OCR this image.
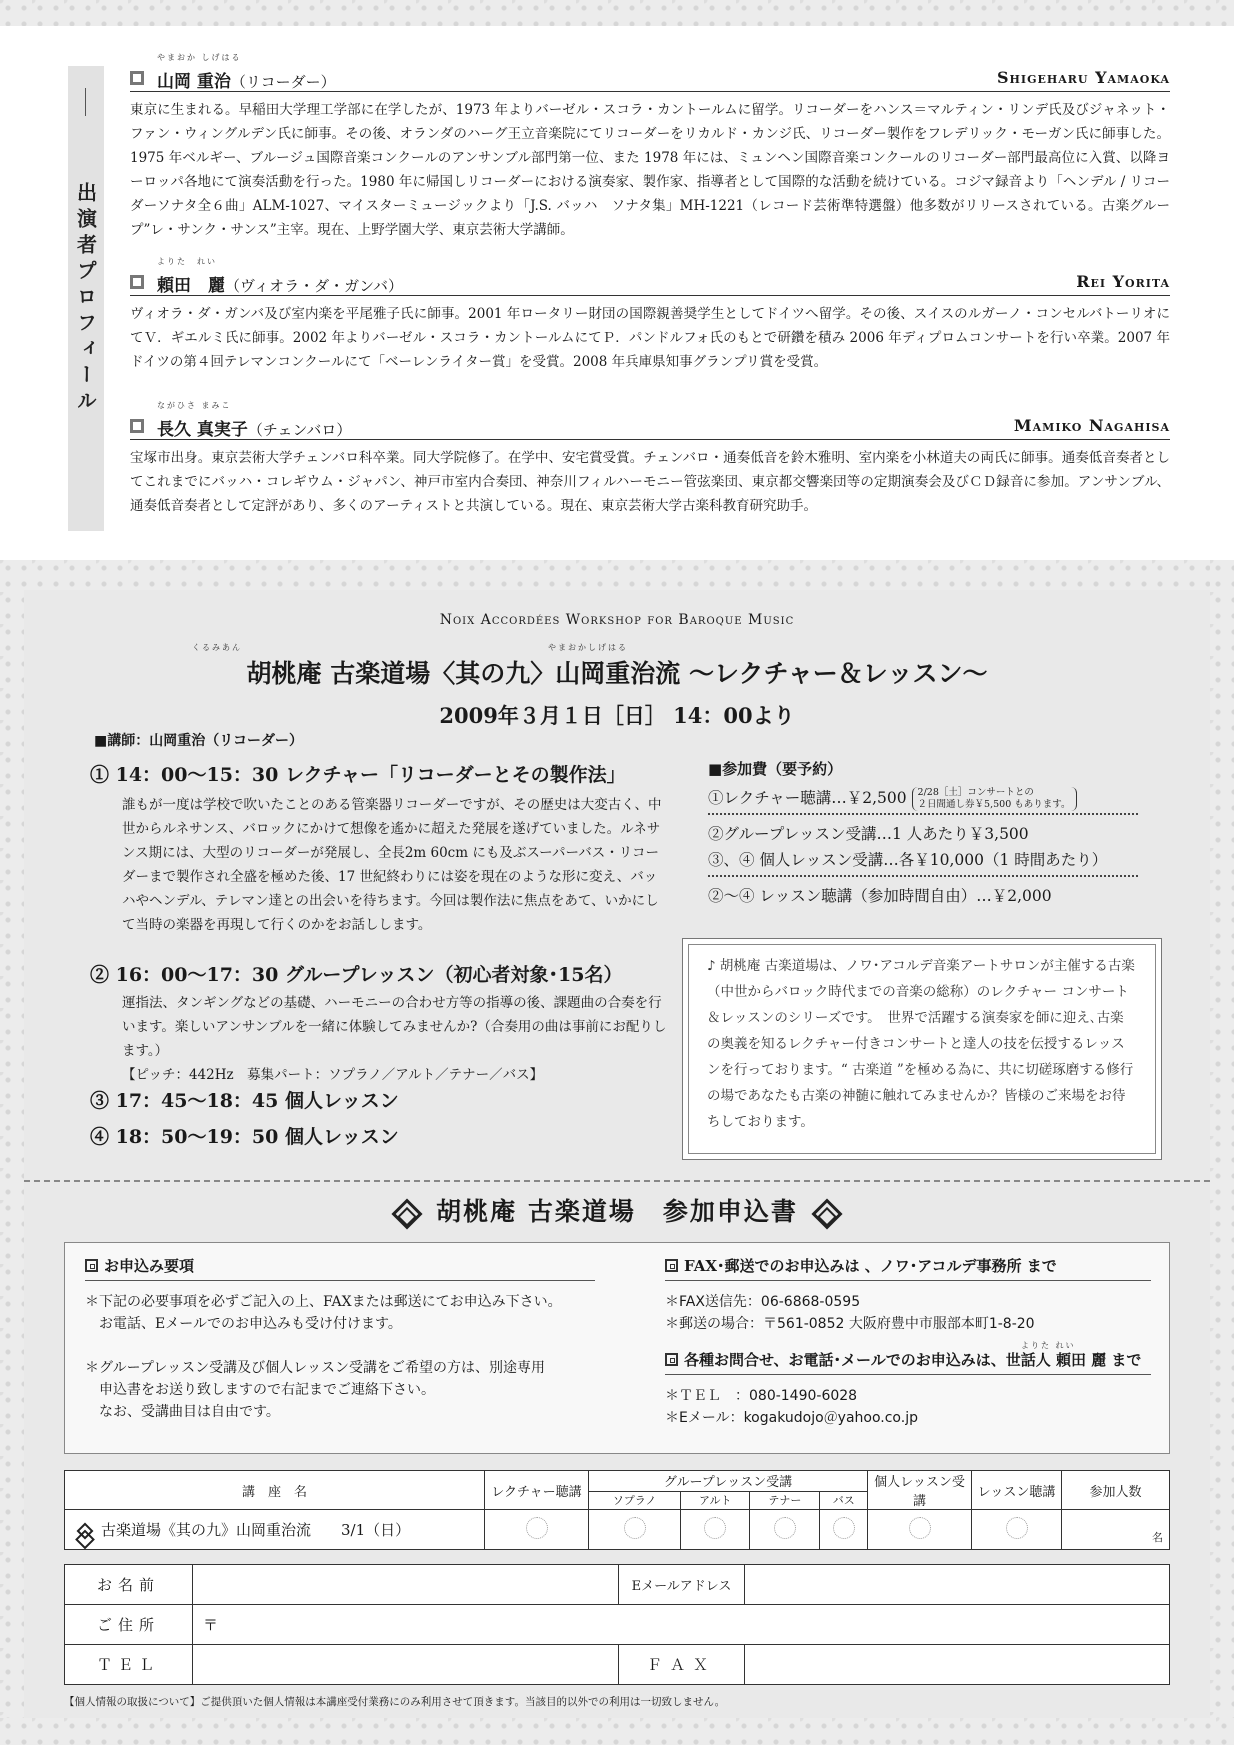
出演者プロフィール
やまおか しげはる
山岡 重治（リコーダー）	Shigeharu Yamaoka

東京に生まれる。早稲田大学理工学部に在学したが、1973 年よりバーゼル・スコラ・カントールムに留学。リコーダーをハンス＝マルティン・リンデ氏及びジャネット・ファン・ウィングルデン氏に師事。その後、オランダのハーグ王立音楽院にてリコーダーをリカルド・カンジ氏、リコーダー製作をフレデリック・モーガン氏に師事した。1975 年ベルギー、ブルージュ国際音楽コンクールのアンサンブル部門第一位、また 1978 年には、ミュンヘン国際音楽コンクールのリコーダー部門最高位に入賞、以降ヨーロッパ各地にて演奏活動を行った。1980 年に帰国しリコーダーにおける演奏家、製作家、指導者として国際的な活動を続けている。コジマ録音より「ヘンデル / リコーダーソナタ全６曲」ALM-1027、マイスターミュージックより「J.S. バッハ　ソナタ集」MH-1221（レコード芸術準特選盤）他多数がリリースされている。古楽グループ”レ・サンク・サンス”主宰。現在、上野学園大学、東京芸術大学講師。

よりた　れい
頼田　麗（ヴィオラ・ダ・ガンバ）	Rei Yorita

ヴィオラ・ダ・ガンバ及び室内楽を平尾雅子氏に師事。2001 年ロータリー財団の国際親善奨学生としてドイツへ留学。その後、スイスのルガーノ・コンセルバトーリオにてＶ．ギエルミ氏に師事。2002 年よりバーゼル・スコラ・カントールムにてＰ．パンドルフォ氏のもとで研鑽を積み 2006 年ディプロムコンサートを行い卒業。2007 年ドイツの第４回テレマンコンクールにて「ベーレンライター賞」を受賞。2008 年兵庫県知事グランプリ賞を受賞。

ながひさ まみこ
長久 真実子（チェンバロ）	Mamiko Nagahisa

宝塚市出身。東京芸術大学チェンバロ科卒業。同大学院修了。在学中、安宅賞受賞。チェンバロ・通奏低音を鈴木雅明、室内楽を小林道夫の両氏に師事。通奏低音奏者としてこれまでにバッハ・コレギウム・ジャパン、神戸市室内合奏団、神奈川フィルハーモニー管弦楽団、東京都交響楽団等の定期演奏会及びＣＤ録音に参加。アンサンブル、通奏低音奏者として定評があり、多くのアーティストと共演している。現在、東京芸術大学古楽科教育研究助手。

Noix Accordées Workshop for Baroque Music
くるみあん	やまおかしげはる
胡桃庵 古楽道場〈其の九〉山岡重治流 ～レクチャー＆レッスン～
2009年３月１日［日］ 14：00より
■講師：山岡重治（リコーダー）
① 14：00～15：30 レクチャー「リコーダーとその製作法」

誰もが一度は学校で吹いたことのある管楽器リコーダーですが、その歴史は大変古く、中世からルネサンス、バロックにかけて想像を遙かに超えた発展を遂げていました。ルネサンス期には、大型のリコーダーが発展し、全長2m 60cm にも及ぶスーパーバス・リコーダーまで製作され全盛を極めた後、17 世紀終わりには姿を現在のような形に変え、バッハやヘンデル、テレマン達との出会いを待ちます。今回は製作法に焦点をあて、いかにして当時の楽器を再現して行くのかをお話しします。

② 16：00～17：30 グループレッスン（初心者対象･15名）

運指法、タンギングなどの基礎、ハーモニーの合わせ方等の指導の後、課題曲の合奏を行います。楽しいアンサンブルを一緒に体験してみませんか?（合奏用の曲は事前にお配りします。）

【ピッチ：442Hz　募集パート：ソプラノ／アルト／テナー／バス】

③ 17：45～18：45 個人レッスン
④ 18：50～19：50 個人レッスン
■参加費（要予約）
①レクチャー聴講…￥2,500 2/28［土］コンサートとの
２日間通し券￥5,500 もあります。
②グループレッスン受講…1 人あたり￥3,500
③、④ 個人レッスン受講…各￥10,000（1 時間あたり）
②～④ レッスン聴講（参加時間自由）…￥2,000
♪ 胡桃庵 古楽道場は、ノワ･アコルデ音楽アートサロンが主催する古楽（中世からバロック時代までの音楽の総称）のレクチャー コンサート＆レッスンのシリーズです。　世界で活躍する演奏家を師に迎え､古楽の奥義を知るレクチャー付きコンサートと達人の技を伝授するレッスンを行っております。“ 古楽道 ”を極める為に、共に切磋琢磨する修行の場であなたも古楽の神髄に触れてみませんか？皆様のご来場をお待ちしております。
胡桃庵 古楽道場　参加申込書
お申込み要項
＊下記の必要事項を必ずご記入の上、FAXまたは郵送にてお申込み下さい。
　お電話、Eメールでのお申込みも受け付けます。
＊グループレッスン受講及び個人レッスン受講をご希望の方は、別途専用
　申込書をお送り致しますので右記までご連絡下さい。
　なお、受講曲目は自由です。
FAX･郵送でのお申込みは 、ノワ･アコルデ事務所 まで
＊FAX送信先：06-6868-0595
＊郵送の場合：〒561-0852 大阪府豊中市服部本町1-8-20
よりた れい
各種お問合せ、お電話･メールでのお申込みは、世話人 頼田 麗 まで
＊ＴＥＬ　：080-1490-6028
＊Eメール：kogakudojo＠yahoo.co.jp
講　座　名	レクチャー聴講	グループレッスン受講				個人レッスン受講	レッスン聴講	参加人数
		ソプラノ	アルト	テナー	バス			
古楽道場《其の九》山岡重治流　　3/1（日）								名
お名前		Eメールアドレス	
ご住所	〒		
ＴＥＬ		ＦＡＸ	
【個人情報の取扱について】ご提供頂いた個人情報は本講座受付業務にのみ利用させて頂きます。当該目的以外での利用は一切致しません。
